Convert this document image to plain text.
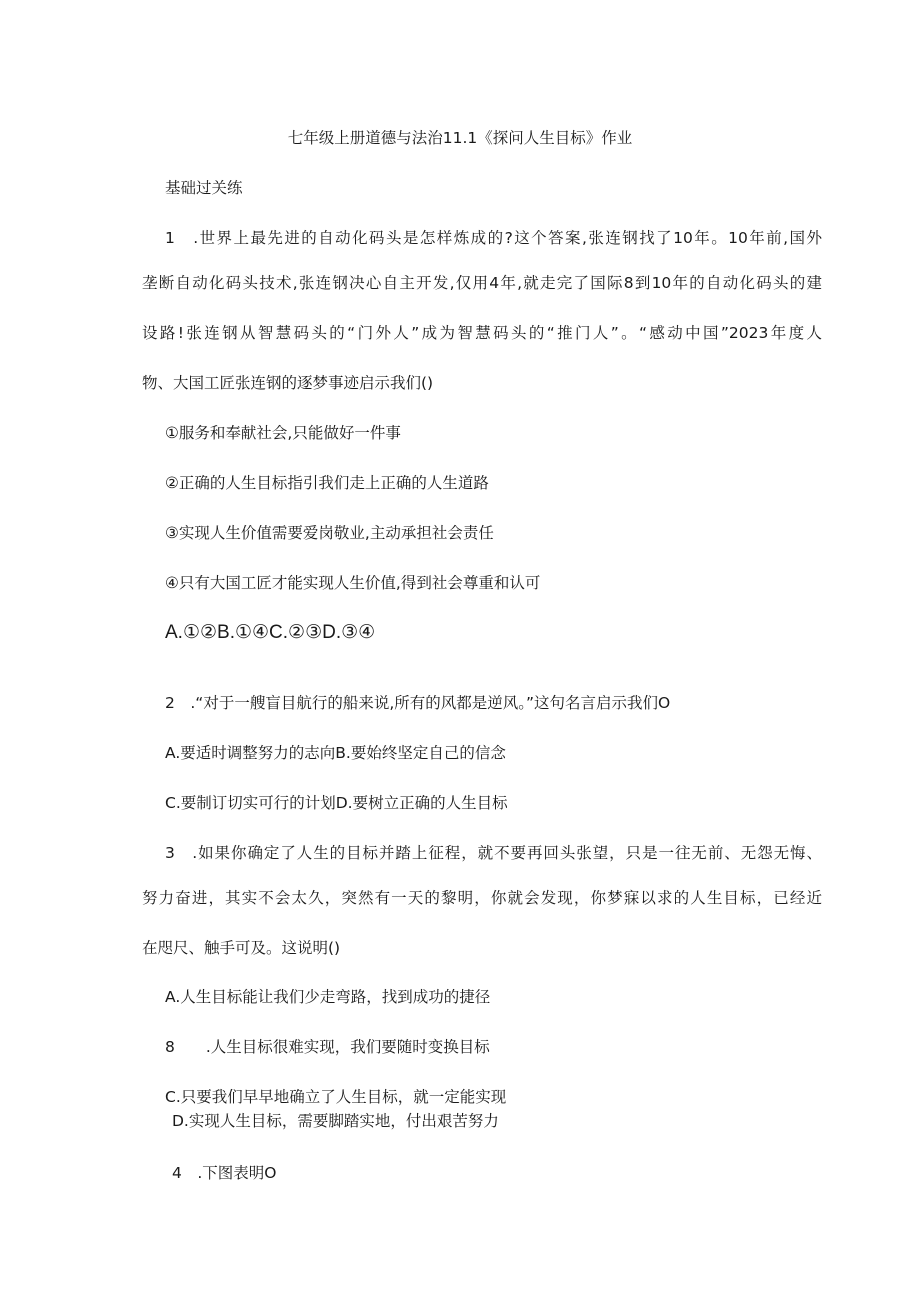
七年级上册道德与法治11.1《探问人生目标》作业
基础过关练
1　.世界上最先进的自动化码头是怎样炼成的?这个答案,张连钢找了10年。10年前,国外
垄断自动化码头技术,张连钢决心自主开发,仅用4年,就走完了国际8到10年的自动化码头的建
设路!张连钢从智慧码头的“门外人”成为智慧码头的“推门人”。“感动中国”2023年度人
物、大国工匠张连钢的逐梦事迹启示我们()
①服务和奉献社会,只能做好一件事
②正确的人生目标指引我们走上正确的人生道路
③实现人生价值需要爱岗敬业,主动承担社会责任
④只有大国工匠才能实现人生价值,得到社会尊重和认可
A.①②B.①④C.②③D.③④
2　.“对于一艘盲目航行的船来说,所有的风都是逆风。”这句名言启示我们O
A.要适时调整努力的志向B.要始终坚定自己的信念
C.要制订切实可行的计划D.要树立正确的人生目标
3　.如果你确定了人生的目标并踏上征程，就不要再回头张望，只是一往无前、无怨无悔、
努力奋进，其实不会太久，突然有一天的黎明，你就会发现，你梦寐以求的人生目标，已经近
在咫尺、触手可及。这说明()
A.人生目标能让我们少走弯路，找到成功的捷径
8　　.人生目标很难实现，我们要随时变换目标
C.只要我们早早地确立了人生目标，就一定能实现
D.实现人生目标，需要脚踏实地，付出艰苦努力
4　.下图表明O
